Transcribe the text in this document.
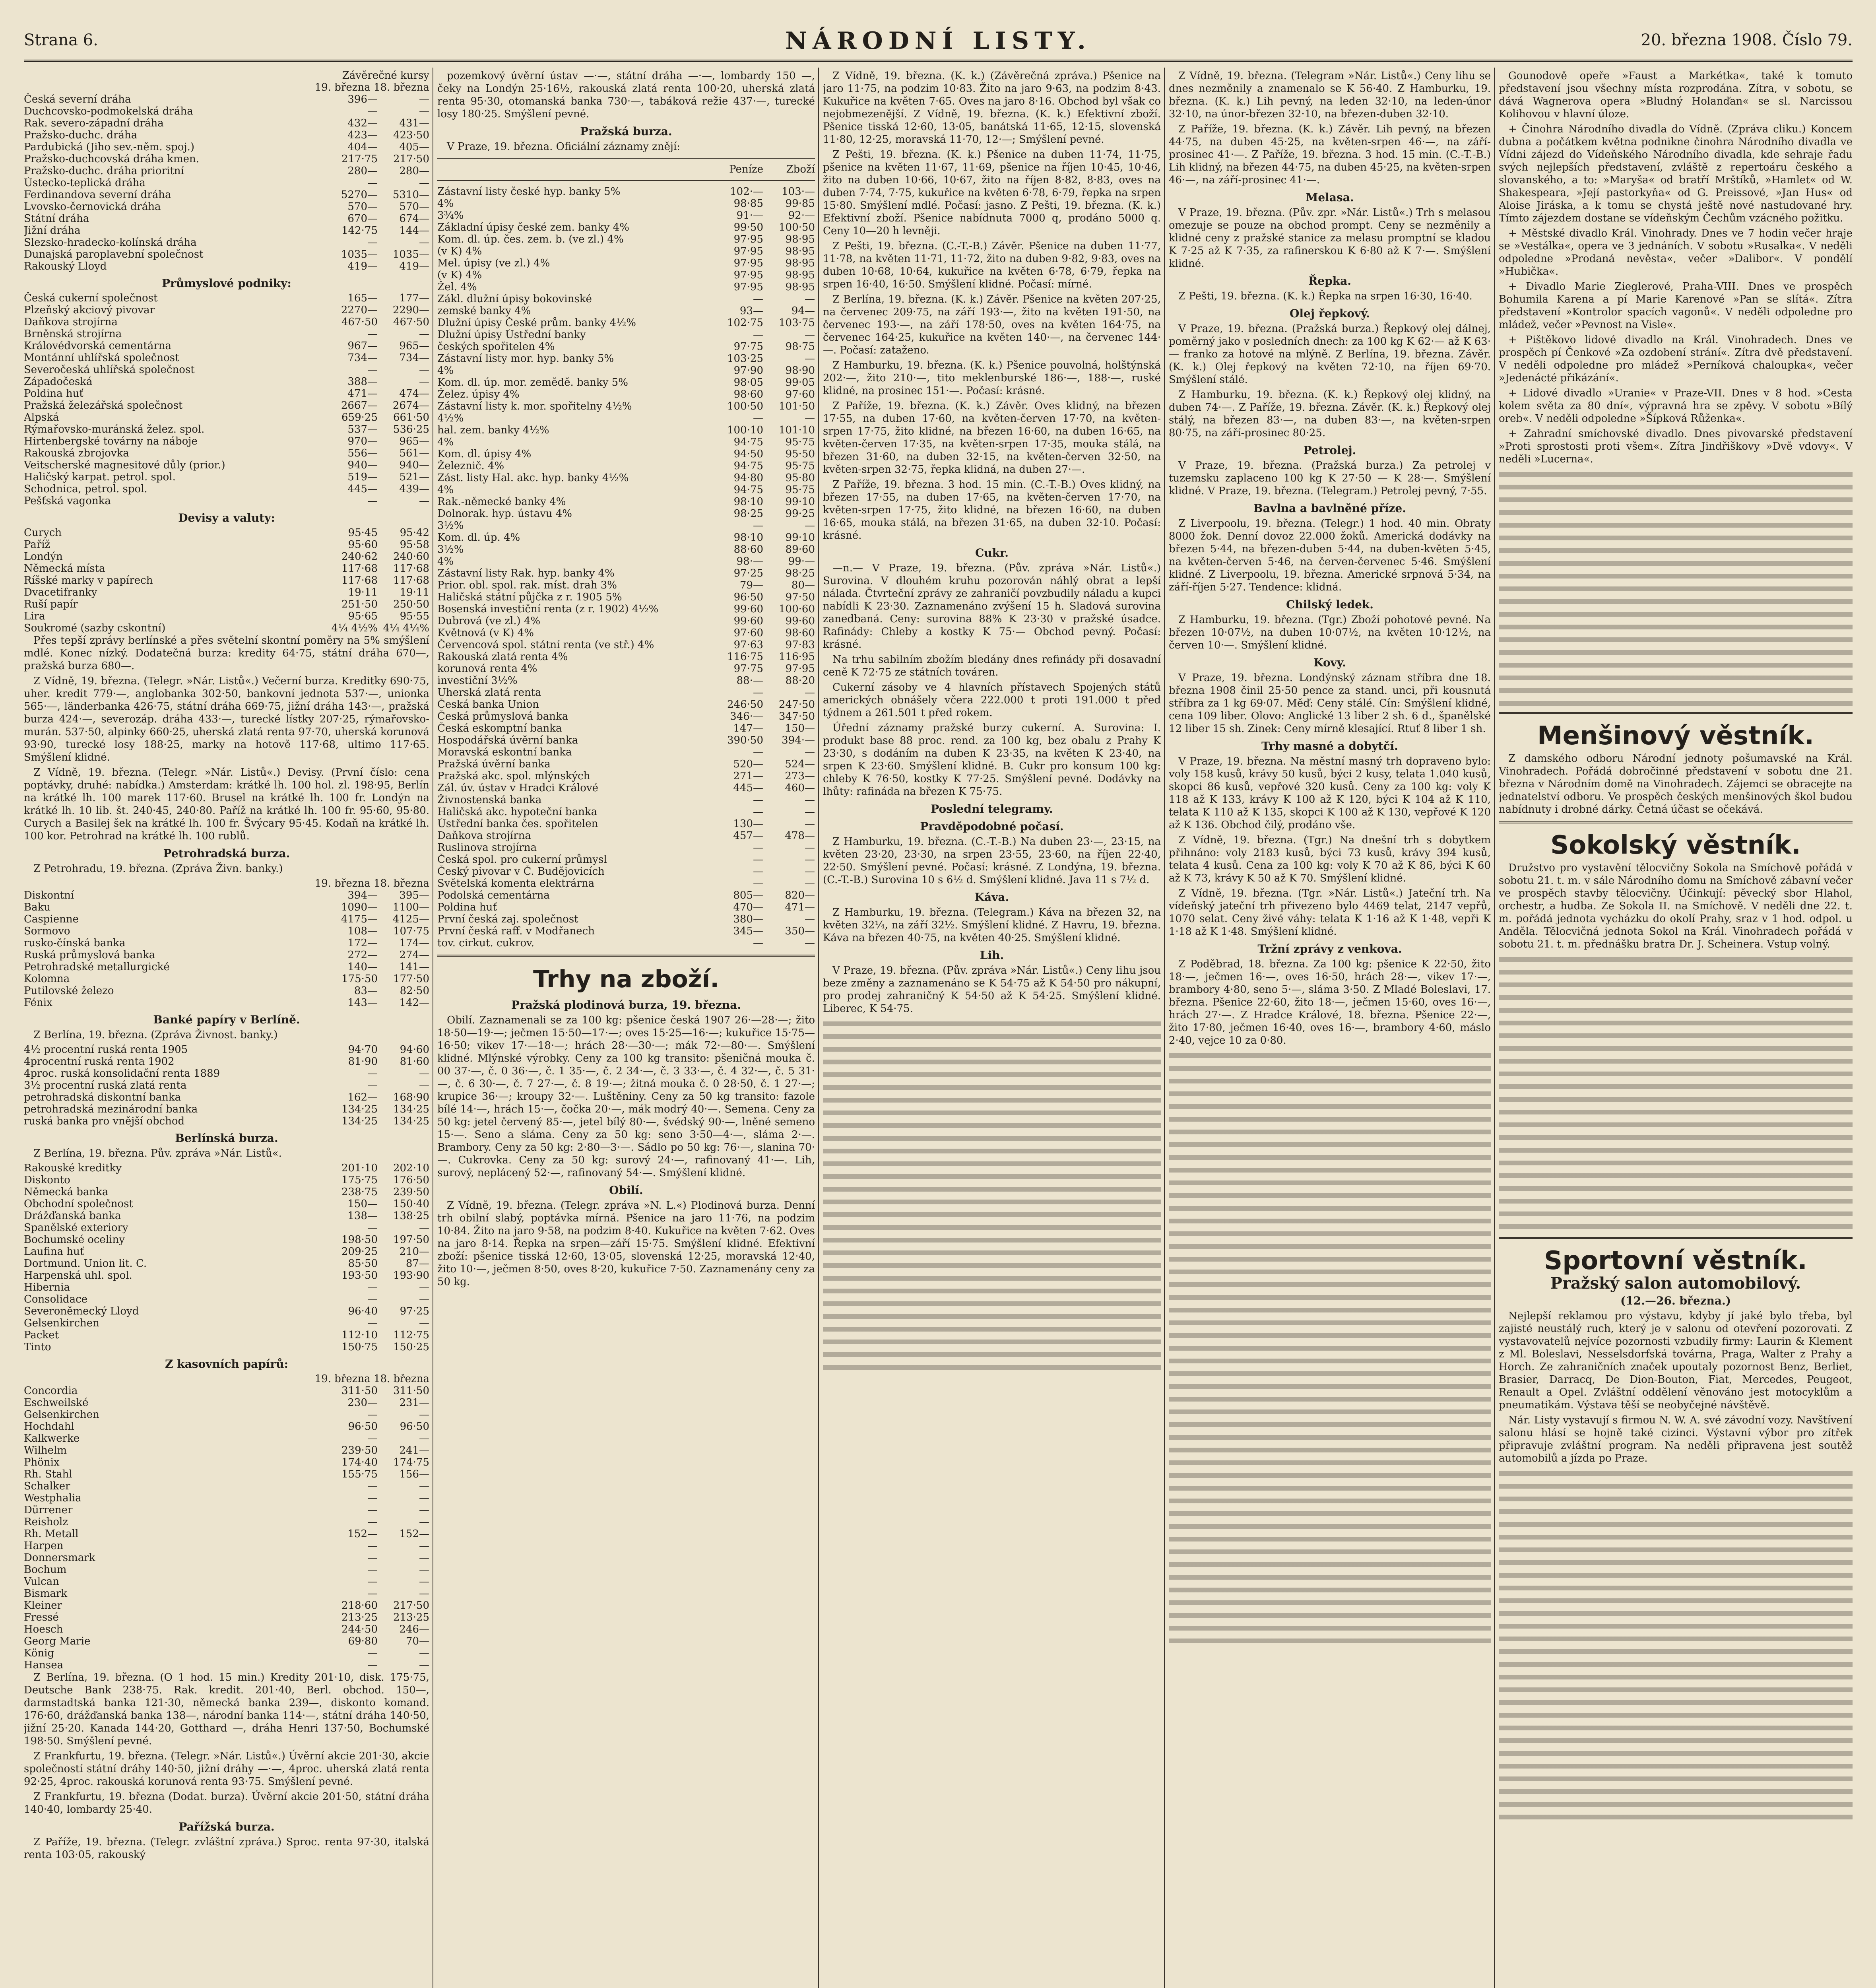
Strana 6.	NÁRODNÍ LISTY.	20. března 1908. Číslo 79.
Závěrečné kursy
19. března 18. března
Česká severní dráha	396—	—
Duchcovsko-podmokelská dráha	—	—
Rak. severo-západní dráha	432—	431—
Pražsko-duchc. dráha	423—	423·50
Pardubická (Jiho sev.-něm. spoj.)	404—	405—
Pražsko-duchcovská dráha kmen.	217·75	217·50
Pražsko-duchc. dráha prioritní	280—	280—
Ústecko-teplická dráha	—	—
Ferdinandova severní dráha	5270—	5310—
Lvovsko-černovická dráha	570—	570—
Státní dráha	670—	674—
Jižní dráha	142·75	144—
Slezsko-hradecko-kolínská dráha	—	—
Dunajská paroplavební společnost	1035—	1035—
Rakouský Lloyd	419—	419—
Průmyslové podniky:
Česká cukerní společnost	165—	177—
Plzeňský akciový pivovar	2270—	2290—
Daňkova strojírna	467·50	467·50
Brněnská strojírna	—	—
Královédvorská cementárna	967—	965—
Montánní uhlířská společnost	734—	734—
Severočeská uhlířská společnost	—	—
Západočeská	388—	—
Poldina huť	471—	474—
Pražská železářská společnost	2667—	2674—
Alpská	659·25	661·50
Rýmařovsko-muránská želez. spol.	537—	536·25
Hirtenbergské továrny na náboje	970—	965—
Rakouská zbrojovka	556—	561—
Veitscherské magnesitové důly (prior.)	940—	940—
Haličský karpat. petrol. spol.	519—	521—
Schodnica, petrol. spol.	445—	439—
Pešťská vagonka	—	—
Devisy a valuty:
Curych	95·45	95·42
Paříž	95·60	95·58
Londýn	240·62	240·60
Německá místa	117·68	117·68
Ríšské marky v papírech	117·68	117·68
Dvacetifranky	19·11	19·11
Ruší papír	251·50	250·50
Lira	95·65	95·55
Soukromé (sazby cskontní)	4¼ 4½% 4¼ 4¼%

Přes tepší zprávy berlínské a přes světelní skontní poměry na 5% smýšlení mdlé. Konec nízký. Dodatečná burza: kredity 64·75, státní dráha 670—, pražská burza 680—.

Z Vídně, 19. března. (Telegr. »Nár. Listů«.) Večerní burza. Kreditky 690·75, uher. kredit 779·—, anglobanka 302·50, bankovní jednota 537·—, unionka 565·—, länderbanka 426·75, státní dráha 669·75, jižní dráha 143·—, pražská burza 424·—, severozáp. dráha 433·—, turecké lístky 207·25, rýmařovsko-murán. 537·50, alpinky 660·25, uherská zlatá renta 97·70, uherská korunová 93·90, turecké losy 188·25, marky na hotově 117·68, ultimo 117·65. Smýšlení klidné.

Z Vídně, 19. března. (Telegr. »Nár. Listů«.) Devisy. (První číslo: cena poptávky, druhé: nabídka.) Amsterdam: krátké lh. 100 hol. zl. 198·95, Berlín na krátké lh. 100 marek 117·60. Brusel na krátké lh. 100 fr. Londýn na krátké lh. 10 lib. št. 240·45, 240·80. Paříž na krátké lh. 100 fr. 95·60, 95·80. Curych a Basilej šek na krátké lh. 100 fr. Švýcary 95·45. Kodaň na krátké lh. 100 kor. Petrohrad na krátké lh. 100 rublů.

Petrohradská burza.

Z Petrohradu, 19. března. (Zpráva Živn. banky.)

19. března 18. března
Diskontní	394—	395—
Baku	1090—	1100—
Caspienne	4175—	4125—
Sormovo	108—	107·75
rusko-čínská banka	172—	174—
Ruská průmyslová banka	272—	274—
Petrohradské metallurgické	140—	141—
Kolomna	175·50	177·50
Putilovské železo	83—	82·50
Fénix	143—	142—
Banké papíry v Berlíně.

Z Berlína, 19. března. (Zpráva Živnost. banky.)

4½ procentní ruská renta 1905	94·70	94·60
4procentní ruská renta 1902	81·90	81·60
4proc. ruská konsolidační renta 1889	—	—
3½ procentní ruská zlatá renta	—	—
petrohradská diskontní banka	162—	168·90
petrohradská mezinárodní banka	134·25	134·25
ruská banka pro vnější obchod	134·25	134·25
Berlínská burza.

Z Berlína, 19. března. Pův. zpráva »Nár. Listů«.

Rakouské kreditky	201·10	202·10
Diskonto	175·75	176·50
Německá banka	238·75	239·50
Obchodní společnost	150—	150·40
Drážďanská banka	138—	138·25
Spanělské exteriory	—	—
Bochumské oceliny	198·50	197·50
Laufina huť	209·25	210—
Dortmund. Union lit. C.	85·50	87—
Harpenská uhl. spol.	193·50	193·90
Hibernia	—	—
Consolidace	—	—
Severoněmecký Lloyd	96·40	97·25
Gelsenkirchen	—	—
Packet	112·10	112·75
Tinto	150·75	150·25
Z kasovních papírů:
19. března 18. března
Concordia	311·50	311·50
Eschweilské	230—	231—
Gelsenkirchen	—	—
Hochdahl	96·50	96·50
Kalkwerke	—	—
Wilhelm	239·50	241—
Phönix	174·40	174·75
Rh. Stahl	155·75	156—
Schalker	—	—
Westphalia	—	—
Dürrener	—	—
Reisholz	—	—
Rh. Metall	152—	152—
Harpen	—	—
Donnersmark	—	—
Bochum	—	—
Vulcan	—	—
Bismark	—	—
Kleiner	218·60	217·50
Fressé	213·25	213·25
Hoesch	244·50	246—
Georg Marie	69·80	70—
König	—	—
Hansea	—	—

Z Berlína, 19. března. (O 1 hod. 15 min.) Kredity 201·10, disk. 175·75, Deutsche Bank 238·75. Rak. kredit. 201·40, Berl. obchod. 150—, darmstadtská banka 121·30, německá banka 239—, diskonto komand. 176·60, drážďanská banka 138—, národní banka 114·—, státní dráha 140·50, jižní 25·20. Kanada 144·20, Gotthard —, dráha Henri 137·50, Bochumské 198·50. Smýšlení pevné.

Z Frankfurtu, 19. března. (Telegr. »Nár. Listů«.) Úvěrní akcie 201·30, akcie společností státní dráhy 140·50, jižní dráhy —·—, 4proc. uherská zlatá renta 92·25, 4proc. rakouská korunová renta 93·75. Smýšlení pevné.

Z Frankfurtu, 19. března (Dodat. burza). Úvěrní akcie 201·50, státní dráha 140·40, lombardy 25·40.

Pařížská burza.

Z Paříže, 19. března. (Telegr. zvláštní zpráva.) Sproc. renta 97·30, italská renta 103·05, rakouský

pozemkový úvěrní ústav —·—, státní dráha —·—, lombardy 150 —, čeky na Londýn 25·16½, rakouská zlatá renta 100·20, uherská zlatá renta 95·30, otomanská banka 730·—, tabáková režie 437·—, turecké losy 180·25. Smýšlení pevné.

Pražská burza.

V Praze, 19. března. Oficiální záznamy znějí:

Peníze	Zboží
Zástavní listy české hyp. banky 5%	102·—	103·—
4%	98·85	99·85
3¾%	91·—	92·—
Základní úpisy české zem. banky 4%	99·50	100·50
Kom. dl. úp. čes. zem. b. (ve zl.) 4%	97·95	98·95
(v K) 4%	97·95	98·95
Mel. úpisy (ve zl.) 4%	97·95	98·95
(v K) 4%	97·95	98·95
Žel. 4%	97·95	98·95
Zákl. dlužní úpisy bokovinské	—	—
zemské banky 4%	93—	94—
Dlužní úpisy České prům. banky 4½%	102·75	103·75
Dlužní úpisy Ústřední banky	—	—
českých spořitelen 4%	97·75	98·75
Zástavní listy mor. hyp. banky 5%	103·25	—
4%	97·90	98·90
Kom. dl. úp. mor. zemědě. banky 5%	98·05	99·05
Želez. úpisy 4%	98·60	97·60
Zástavní listy k. mor. spořitelny 4½%	100·50	101·50
4½%	—	—
hal. zem. banky 4½%	100·10	101·10
4%	94·75	95·75
Kom. dl. úpisy 4%	94·50	95·50
Železnič. 4%	94·75	95·75
Zást. listy Hal. akc. hyp. banky 4½%	94·80	95·80
4%	94·75	95·75
Rak.-německé banky 4%	98·10	99·10
Dolnorak. hyp. ústavu 4%	98·25	99·25
3½%	—	—
Kom. dl. úp. 4%	98·10	99·10
3½%	88·60	89·60
4%	98·—	99·—
Zástavní listy Rak. hyp. banky 4%	97·25	98·25
Prior. obl. spol. rak. míst. drah 3%	79—	80—
Haličská státní půjčka z r. 1905 5%	96·50	97·50
Bosenská investiční renta (z r. 1902) 4½%	99·60	100·60
Dubrová (ve zl.) 4%	99·60	99·60
Květnová (v K) 4%	97·60	98·60
Červencová spol. státní renta (ve stř.) 4%	97·63	97·83
Rakouská zlatá renta 4%	116·75	116·95
korunová renta 4%	97·75	97·95
investiční 3½%	88·—	88·20
Uherská zlatá renta	—	—
Česká banka Union	246·50	247·50
Česká průmyslová banka	346·—	347·50
Česká eskomptní banka	147—	150—
Hospodářská úvěrní banka	390·50	394·—
Moravská eskontní banka	—	—
Pražská úvěrní banka	520—	524—
Pražská akc. spol. mlýnských	271—	273—
Zál. úv. ústav v Hradci Králové	445—	460—
Živnostenská banka	—	—
Haličská akc. hypoteční banka	—	—
Ústřední banka čes. spořitelen	130—	—
Daňkova strojírna	457—	478—
Ruslinova strojírna	—	—
Česká spol. pro cukerní průmysl	—	—
Český pivovar v Č. Budějovicích	—	—
Světelská komenta elektrárna	—	—
Podolská cementárna	805—	820—
Poldina huť	470—	471—
První česká zaj. společnost	380—	—
První česká raff. v Modřanech	345—	350—
tov. cirkut. cukrov.	—	—
Trhy na zboží.
Pražská plodinová burza, 19. března.

Obilí. Zaznamenali se za 100 kg: pšenice česká 1907 26·—28·—; žito 18·50—19·—; ječmen 15·50—17·—; oves 15·25—16·—; kukuřice 15·75—16·50; vikev 17·—18·—; hrách 28·—30·—; mák 72·—80·—. Smýšlení klidné. Mlýnské výrobky. Ceny za 100 kg transito: pšeničná mouka č. 00 37·—, č. 0 36·—, č. 1 35·—, č. 2 34·—, č. 3 33·—, č. 4 32·—, č. 5 31·—, č. 6 30·—, č. 7 27·—, č. 8 19·—; žitná mouka č. 0 28·50, č. 1 27·—; krupice 36·—; kroupy 32·—. Luštěniny. Ceny za 50 kg transito: fazole bílé 14·—, hrách 15·—, čočka 20·—, mák modrý 40·—. Semena. Ceny za 50 kg: jetel červený 85·—, jetel bílý 80·—, švédský 90·—, lněné semeno 15·—. Seno a sláma. Ceny za 50 kg: seno 3·50—4·—, sláma 2·—. Brambory. Ceny za 50 kg: 2·80—3·—. Sádlo po 50 kg: 76·—, slanina 70·—. Cukrovka. Ceny za 50 kg: surový 24·—, rafinovaný 41·—. Lih, surový, neplácený 52·—, rafinovaný 54·—. Smýšlení klidné.

Obilí.

Z Vídně, 19. března. (Telegr. zpráva »N. L.«) Plodinová burza. Denní trh obilní slabý, poptávka mírná. Pšenice na jaro 11·76, na podzim 10·84. Žito na jaro 9·58, na podzim 8·40. Kukuřice na květen 7·62. Oves na jaro 8·14. Řepka na srpen—září 15·75. Smýšlení klidné. Efektivní zboží: pšenice tisská 12·60, 13·05, slovenská 12·25, moravská 12·40, žito 10·—, ječmen 8·50, oves 8·20, kukuřice 7·50. Zaznamenány ceny za 50 kg.

Z Vídně, 19. března. (K. k.) (Závěrečná zpráva.) Pšenice na jaro 11·75, na podzim 10·83. Žito na jaro 9·63, na podzim 8·43. Kukuřice na květen 7·65. Oves na jaro 8·16. Obchod byl však co nejobmezenější. Z Vídně, 19. března. (K. k.) Efektivní zboží. Pšenice tisská 12·60, 13·05, banátská 11·65, 12·15, slovenská 11·80, 12·25, moravská 11·70, 12·—; Smýšlení pevné.

Z Pešti, 19. března. (K. k.) Pšenice na duben 11·74, 11·75, pšenice na květen 11·67, 11·69, pšenice na říjen 10·45, 10·46, žito na duben 10·66, 10·67, žito na říjen 8·82, 8·83, oves na duben 7·74, 7·75, kukuřice na květen 6·78, 6·79, řepka na srpen 15·80. Smýšlení mdlé. Počasí: jasno. Z Pešti, 19. března. (K. k.) Efektivní zboží. Pšenice nabídnuta 7000 q, prodáno 5000 q. Ceny 10—20 h levněji.

Z Pešti, 19. března. (C.-T.-B.) Závěr. Pšenice na duben 11·77, 11·78, na květen 11·71, 11·72, žito na duben 9·82, 9·83, oves na duben 10·68, 10·64, kukuřice na květen 6·78, 6·79, řepka na srpen 16·40, 16·50. Smýšlení klidné. Počasí: mírné.

Z Berlína, 19. března. (K. k.) Závěr. Pšenice na květen 207·25, na červenec 209·75, na září 193·—, žito na květen 191·50, na červenec 193·—, na září 178·50, oves na květen 164·75, na červenec 164·25, kukuřice na květen 140·—, na červenec 144·—. Počasí: zataženo.

Z Hamburku, 19. března. (K. k.) Pšenice pouvolná, holštýnská 202·—, žito 210·—, tito meklenburské 186·—, 188·—, ruské klidné, na prosinec 151·—. Počasí: krásné.

Z Paříže, 19. března. (K. k.) Závěr. Oves klidný, na březen 17·55, na duben 17·60, na květen-červen 17·70, na květen-srpen 17·75, žito klidné, na březen 16·60, na duben 16·65, na květen-červen 17·35, na květen-srpen 17·35, mouka stálá, na březen 31·60, na duben 32·15, na květen-červen 32·50, na květen-srpen 32·75, řepka klidná, na duben 27·—.

Z Paříže, 19. března. 3 hod. 15 min. (C.-T.-B.) Oves klidný, na březen 17·55, na duben 17·65, na květen-červen 17·70, na květen-srpen 17·75, žito klidné, na březen 16·60, na duben 16·65, mouka stálá, na březen 31·65, na duben 32·10. Počasí: krásné.

Cukr.

—n.— V Praze, 19. března. (Pův. zpráva »Nár. Listů«.) Surovina. V dlouhém kruhu pozorován náhlý obrat a lepší nálada. Čtvrteční zprávy ze zahraničí povzbudily náladu a kupci nabídli K 23·30. Zaznamenáno zvýšení 15 h. Sladová surovina zanedbaná. Ceny: surovina 88% K 23·30 v pražské úsadce. Rafinády: Chleby a kostky K 75·— Obchod pevný. Počasí: krásné.

Na trhu sabilním zbožím bledány dnes refinády při dosavadní ceně K 72·75 ze státních továren.

Cukerní zásoby ve 4 hlavních přístavech Spojených států amerických obnášely včera 222.000 t proti 191.000 t před týdnem a 261.501 t před rokem.

Úřední záznamy pražské burzy cukerní. A. Surovina: I. produkt base 88 proc. rend. za 100 kg, bez obalu z Prahy K 23·30, s dodáním na duben K 23·35, na květen K 23·40, na srpen K 23·60. Smýšlení klidné. B. Cukr pro konsum 100 kg: chleby K 76·50, kostky K 77·25. Smýšlení pevné. Dodávky na lhůty: rafináda na březen K 75·75.

Poslední telegramy.
Pravděpodobné počasí.

Z Hamburku, 19. března. (C.-T.-B.) Na duben 23·—, 23·15, na květen 23·20, 23·30, na srpen 23·55, 23·60, na říjen 22·40, 22·50. Smýšlení pevné. Počasí: krásné. Z Londýna, 19. března. (C.-T.-B.) Surovina 10 s 6½ d. Smýšlení klidné. Java 11 s 7½ d.

Káva.

Z Hamburku, 19. března. (Telegram.) Káva na březen 32, na květen 32¼, na září 32½. Smýšlení klidné. Z Havru, 19. března. Káva na březen 40·75, na květen 40·25. Smýšlení klidné.

Lih.

V Praze, 19. března. (Pův. zpráva »Nár. Listů«.) Ceny lihu jsou beze změny a zaznamenáno se K 54·75 až K 54·50 pro nákupní, pro prodej zahraničný K 54·50 až K 54·25. Smýšlení klidné. Liberec, K 54·75.

Z Vídně, 19. března. (Telegram »Nár. Listů«.) Ceny lihu se dnes nezměnily a znamenalo se K 56·40. Z Hamburku, 19. března. (K. k.) Lih pevný, na leden 32·10, na leden-únor 32·10, na únor-březen 32·10, na březen-duben 32·10.

Z Paříže, 19. března. (K. k.) Závěr. Lih pevný, na březen 44·75, na duben 45·25, na květen-srpen 46·—, na září-prosinec 41·—. Z Paříže, 19. března. 3 hod. 15 min. (C.-T.-B.) Lih klidný, na březen 44·75, na duben 45·25, na květen-srpen 46·—, na září-prosinec 41·—.

Melasa.

V Praze, 19. března. (Pův. zpr. »Nár. Listů«.) Trh s melasou omezuje se pouze na obchod prompt. Ceny se nezměnily a klidné ceny z pražské stanice za melasu promptní se kladou K 7·25 až K 7·35, za rafinerskou K 6·80 až K 7·—. Smýšlení klidné.

Řepka.

Z Pešti, 19. března. (K. k.) Řepka na srpen 16·30, 16·40.

Olej řepkový.

V Praze, 19. března. (Pražská burza.) Řepkový olej dálnej, poměrný jako v posledních dnech: za 100 kg K 62·— až K 63·— franko za hotové na mlýně. Z Berlína, 19. března. Závěr. (K. k.) Olej řepkový na květen 72·10, na říjen 69·70. Smýšlení stálé.

Z Hamburku, 19. března. (K. k.) Řepkový olej klidný, na duben 74·—. Z Paříže, 19. března. Závěr. (K. k.) Řepkový olej stálý, na březen 83·—, na duben 83·—, na květen-srpen 80·75, na září-prosinec 80·25.

Petrolej.

V Praze, 19. března. (Pražská burza.) Za petrolej v tuzemsku zaplaceno 100 kg K 27·50 — K 28·—. Smýšlení klidné. V Praze, 19. března. (Telegram.) Petrolej pevný, 7·55.

Bavlna a bavlněné příze.

Z Liverpoolu, 19. března. (Telegr.) 1 hod. 40 min. Obraty 8000 žok. Denní dovoz 22.000 žoků. Americká dodávky na březen 5·44, na březen-duben 5·44, na duben-květen 5·45, na květen-červen 5·46, na červen-červenec 5·46. Smýšlení klidné. Z Liverpoolu, 19. března. Americké srpnová 5·34, na září-říjen 5·27. Tendence: klidná.

Chilský ledek.

Z Hamburku, 19. března. (Tgr.) Zboží pohotové pevné. Na březen 10·07½, na duben 10·07½, na květen 10·12½, na červen 10·—. Smýšlení klidné.

Kovy.

V Praze, 19. března. Londýnský záznam stříbra dne 18. března 1908 činil 25·50 pence za stand. unci, při kousnutá stříbra za 1 kg 69·07. Měď: Ceny stálé. Cín: Smýšlení klidné, cena 109 liber. Olovo: Anglické 13 liber 2 sh. 6 d., španělské 12 liber 15 sh. Zinek: Ceny mírně klesající. Rtuť 8 liber 1 sh.

Trhy masné a dobytčí.

V Praze, 19. března. Na městní masný trh dopraveno bylo: voly 158 kusů, krávy 50 kusů, býci 2 kusy, telata 1.040 kusů, skopci 86 kusů, vepřové 320 kusů. Ceny za 100 kg: voly K 118 až K 133, krávy K 100 až K 120, býci K 104 až K 110, telata K 110 až K 135, skopci K 100 až K 130, vepřové K 120 až K 136. Obchod čilý, prodáno vše.

Z Vídně, 19. března. (Tgr.) Na dnešní trh s dobytkem přihnáno: voly 2183 kusů, býci 73 kusů, krávy 394 kusů, telata 4 kusů. Cena za 100 kg: voly K 70 až K 86, býci K 60 až K 73, krávy K 50 až K 70. Smýšlení klidné.

Z Vídně, 19. března. (Tgr. »Nár. Listů«.) Jateční trh. Na vídeňský jateční trh přivezeno bylo 4469 telat, 2147 vepřů, 1070 selat. Ceny živé váhy: telata K 1·16 až K 1·48, vepři K 1·18 až K 1·48. Smýšlení klidné.

Tržní zprávy z venkova.

Z Poděbrad, 18. března. Za 100 kg: pšenice K 22·50, žito 18·—, ječmen 16·—, oves 16·50, hrách 28·—, vikev 17·—, brambory 4·80, seno 5·—, sláma 3·50. Z Mladé Boleslavi, 17. března. Pšenice 22·60, žito 18·—, ječmen 15·60, oves 16·—, hrách 27·—. Z Hradce Králové, 18. března. Pšenice 22·—, žito 17·80, ječmen 16·40, oves 16·—, brambory 4·60, máslo 2·40, vejce 10 za 0·80.

Gounodově opeře »Faust a Markétka«, také k tomuto představení jsou všechny místa rozprodána. Zítra, v sobotu, se dává Wagnerova opera »Bludný Holanďan« se sl. Narcissou Kolihovou v hlavní úloze.

+ Činohra Národního divadla do Vídně. (Zpráva cliku.) Koncem dubna a počátkem května podnikne činohra Národního divadla ve Vídni zájezd do Vídeňského Národního divadla, kde sehraje řadu svých nejlepších představení, zvláště z repertoáru českého a slovanského, a to: »Maryša« od bratří Mrštíků, »Hamlet« od W. Shakespeara, »Její pastorkyňa« od G. Preissové, »Jan Hus« od Aloise Jiráska, a k tomu se chystá ještě nové nastudované hry. Tímto zájezdem dostane se vídeňským Čechům vzácného požitku.

+ Městské divadlo Král. Vinohrady. Dnes ve 7 hodin večer hraje se »Vestálka«, opera ve 3 jednáních. V sobotu »Rusalka«. V neděli odpoledne »Prodaná nevěsta«, večer »Dalibor«. V pondělí »Hubička«.

+ Divadlo Marie Zieglerové, Praha-VIII. Dnes ve prospěch Bohumila Karena a pí Marie Karenové »Pan se slítá«. Zítra představení »Kontrolor spacích vagonů«. V neděli odpoledne pro mládež, večer »Pevnost na Visle«.

+ Pištěkovo lidové divadlo na Král. Vinohradech. Dnes ve prospěch pí Čenkové »Za ozdobení strání«. Zítra dvě představení. V neděli odpoledne pro mládež »Perníková chaloupka«, večer »Jedenácté přikázání«.

+ Lidové divadlo »Uranie« v Praze-VII. Dnes v 8 hod. »Cesta kolem světa za 80 dní«, výpravná hra se zpěvy. V sobotu »Bílý oreb«. V neděli odpoledne »Šípková Růženka«.

+ Zahradní smíchovské divadlo. Dnes pivovarské představení »Proti sprostosti proti všem«. Zítra Jindřiškovy »Dvě vdovy«. V neděli »Lucerna«.

Menšinový věstník.

Z damského odboru Národní jednoty pošumavské na Král. Vinohradech. Pořádá dobročinné představení v sobotu dne 21. března v Národním domě na Vinohradech. Zájemci se obracejte na jednatelství odboru. Ve prospěch českých menšinových škol budou nabídnuty i drobné dárky. Četná účast se očekává.

Sokolský věstník.

Družstvo pro vystavění tělocvičny Sokola na Smíchově pořádá v sobotu 21. t. m. v sále Národního domu na Smíchově zábavní večer ve prospěch stavby tělocvičny. Účinkují: pěvecký sbor Hlahol, orchestr, a hudba. Ze Sokola II. na Smíchově. V neděli dne 22. t. m. pořádá jednota vycházku do okolí Prahy, sraz v 1 hod. odpol. u Anděla. Tělocvičná jednota Sokol na Král. Vinohradech pořádá v sobotu 21. t. m. přednášku bratra Dr. J. Scheinera. Vstup volný.

Sportovní věstník.
Pražský salon automobilový.
(12.—26. března.)

Nejlepší reklamou pro výstavu, kdyby jí jaké bylo třeba, byl zajisté neustálý ruch, který je v salonu od otevření pozorovati. Z vystavovatelů nejvíce pozornosti vzbudily firmy: Laurin & Klement z Ml. Boleslavi, Nesselsdorfská továrna, Praga, Walter z Prahy a Horch. Ze zahraničních značek upoutaly pozornost Benz, Berliet, Brasier, Darracq, De Dion-Bouton, Fiat, Mercedes, Peugeot, Renault a Opel. Zvláštní oddělení věnováno jest motocyklům a pneumatikám. Výstava těší se neobyčejné návštěvě.

Nár. Listy vystavují s firmou N. W. A. své závodní vozy. Navštívení salonu hlásí se hojně také cizinci. Výstavní výbor pro zítřek připravuje zvláštní program. Na neděli připravena jest soutěž automobilů a jízda po Praze.
